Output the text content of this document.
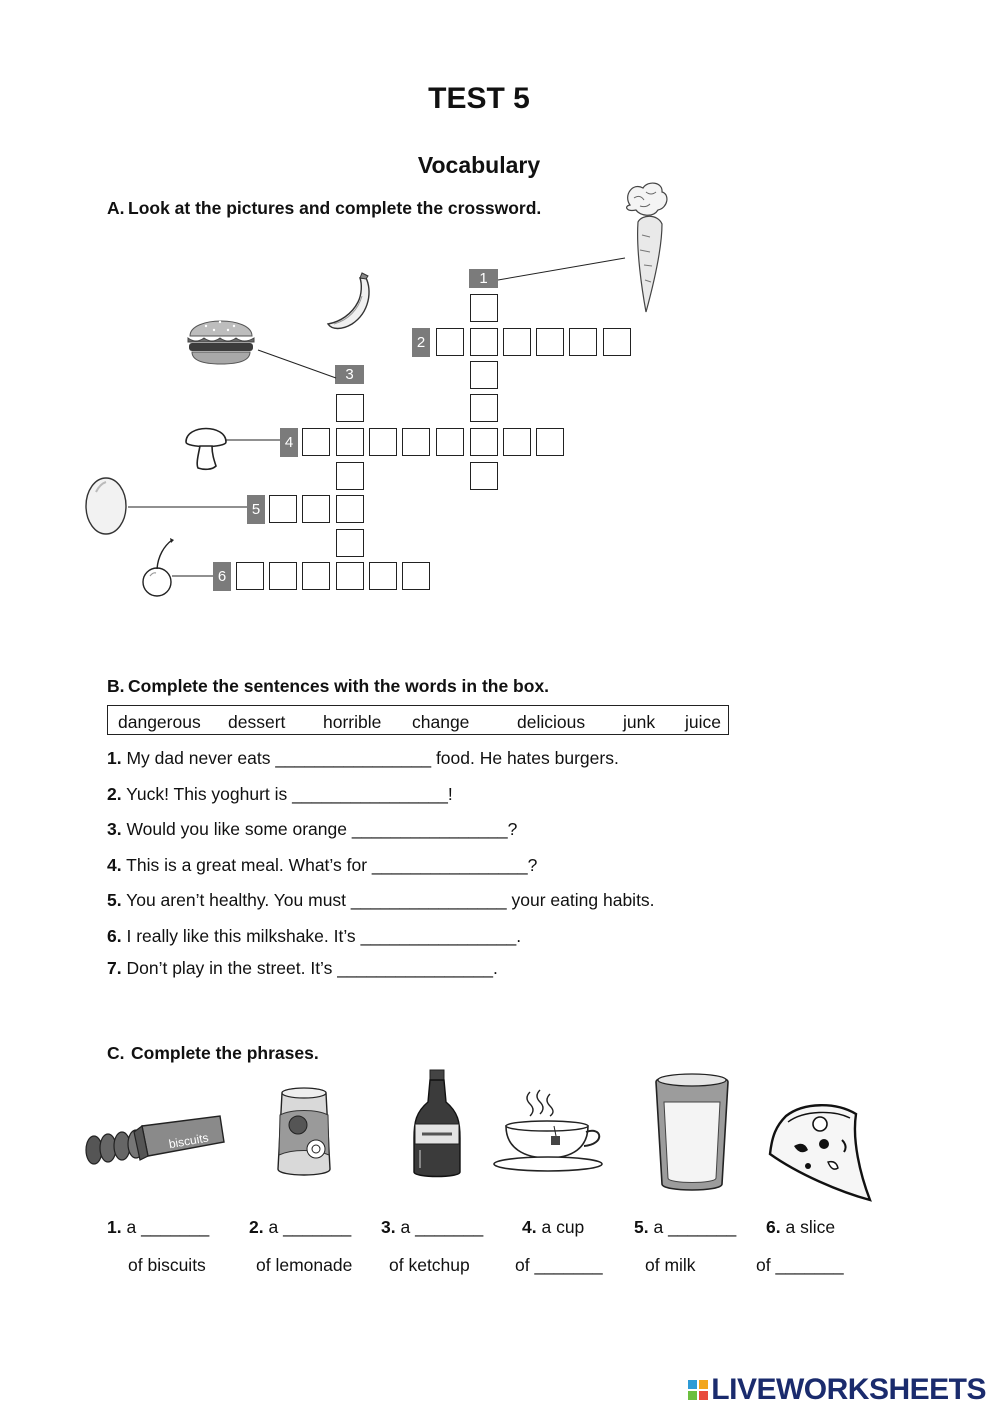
TEST 5
Vocabulary
A. Look at the pictures and complete the crossword.
1
2
3
4
5
6
B. Complete the sentences with the words in the box.
dangerous dessert horrible change	delicious junk juice
1. My dad never eats ________________ food. He hates burgers.
2. Yuck! This yoghurt is ________________!
3. Would you like some orange ________________?
4. This is a great meal. What’s for ________________?
5. You aren’t healthy. You must ________________ your eating habits.
6. I really like this milkshake. It’s ________________.
7. Don’t play in the street. It’s ________________.
C. Complete the phrases.
biscuits
1. a _______ 2. a _______ 3. a _______ 4. a cup	5. a _______ 6. a slice
of biscuits	of lemonade of ketchup	of _______ of milk	of _______
LIVEWORKSHEETS
